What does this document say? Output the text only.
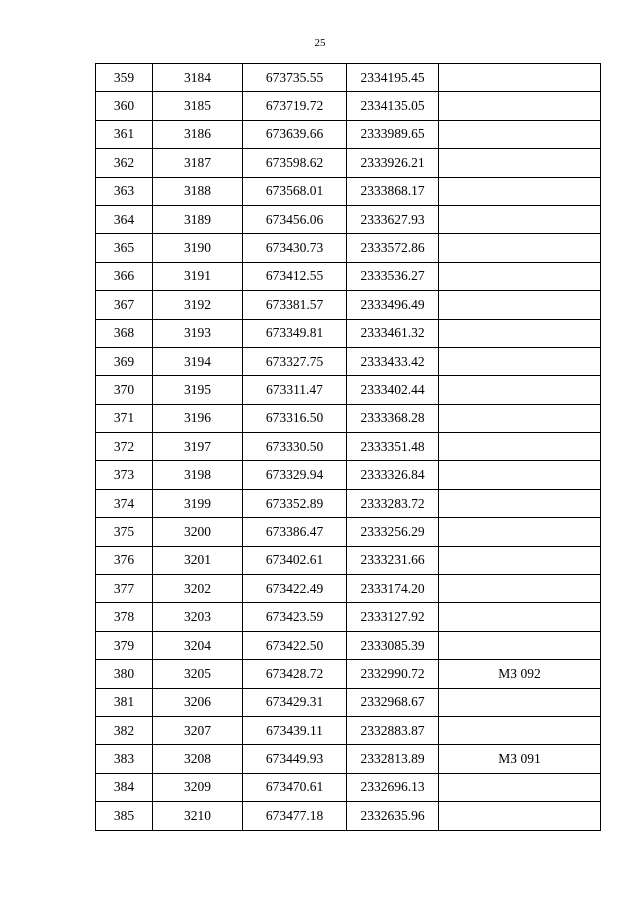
25
359	3184	673735.55	2334195.45	
360	3185	673719.72	2334135.05	
361	3186	673639.66	2333989.65	
362	3187	673598.62	2333926.21	
363	3188	673568.01	2333868.17	
364	3189	673456.06	2333627.93	
365	3190	673430.73	2333572.86	
366	3191	673412.55	2333536.27	
367	3192	673381.57	2333496.49	
368	3193	673349.81	2333461.32	
369	3194	673327.75	2333433.42	
370	3195	673311.47	2333402.44	
371	3196	673316.50	2333368.28	
372	3197	673330.50	2333351.48	
373	3198	673329.94	2333326.84	
374	3199	673352.89	2333283.72	
375	3200	673386.47	2333256.29	
376	3201	673402.61	2333231.66	
377	3202	673422.49	2333174.20	
378	3203	673423.59	2333127.92	
379	3204	673422.50	2333085.39	
380	3205	673428.72	2332990.72	МЗ 092
381	3206	673429.31	2332968.67	
382	3207	673439.11	2332883.87	
383	3208	673449.93	2332813.89	МЗ 091
384	3209	673470.61	2332696.13	
385	3210	673477.18	2332635.96	
